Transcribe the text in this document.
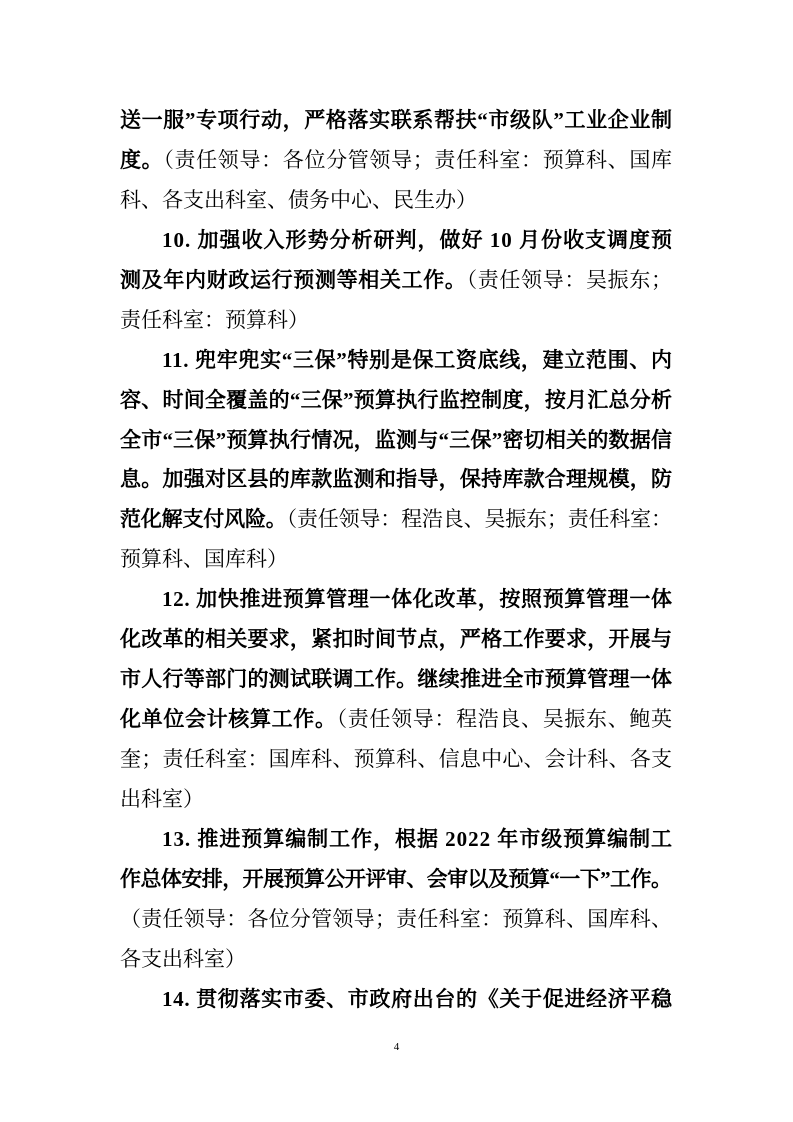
送一服”专项行动，严格落实联系帮扶“市级队”工业企业制
度。（责任领导：各位分管领导；责任科室：预算科、国库
科、各支出科室、债务中心、民生办）
10. 加强收入形势分析研判，做好 10 月份收支调度预
测及年内财政运行预测等相关工作。（责任领导：吴振东；
责任科室：预算科）
11. 兜牢兜实“三保”特别是保工资底线，建立范围、内
容、时间全覆盖的“三保”预算执行监控制度，按月汇总分析
全市“三保”预算执行情况，监测与“三保”密切相关的数据信
息。加强对区县的库款监测和指导，保持库款合理规模，防
范化解支付风险。（责任领导：程浩良、吴振东；责任科室：
预算科、国库科）
12. 加快推进预算管理一体化改革，按照预算管理一体
化改革的相关要求，紧扣时间节点，严格工作要求，开展与
市人行等部门的测试联调工作。继续推进全市预算管理一体
化单位会计核算工作。（责任领导：程浩良、吴振东、鲍英
奎；责任科室：国库科、预算科、信息中心、会计科、各支
出科室）
13. 推进预算编制工作，根据 2022 年市级预算编制工
作总体安排，开展预算公开评审、会审以及预算“一下”工作。
（责任领导：各位分管领导；责任科室：预算科、国库科、
各支出科室）
14. 贯彻落实市委、市政府出台的《关于促进经济平稳
4
